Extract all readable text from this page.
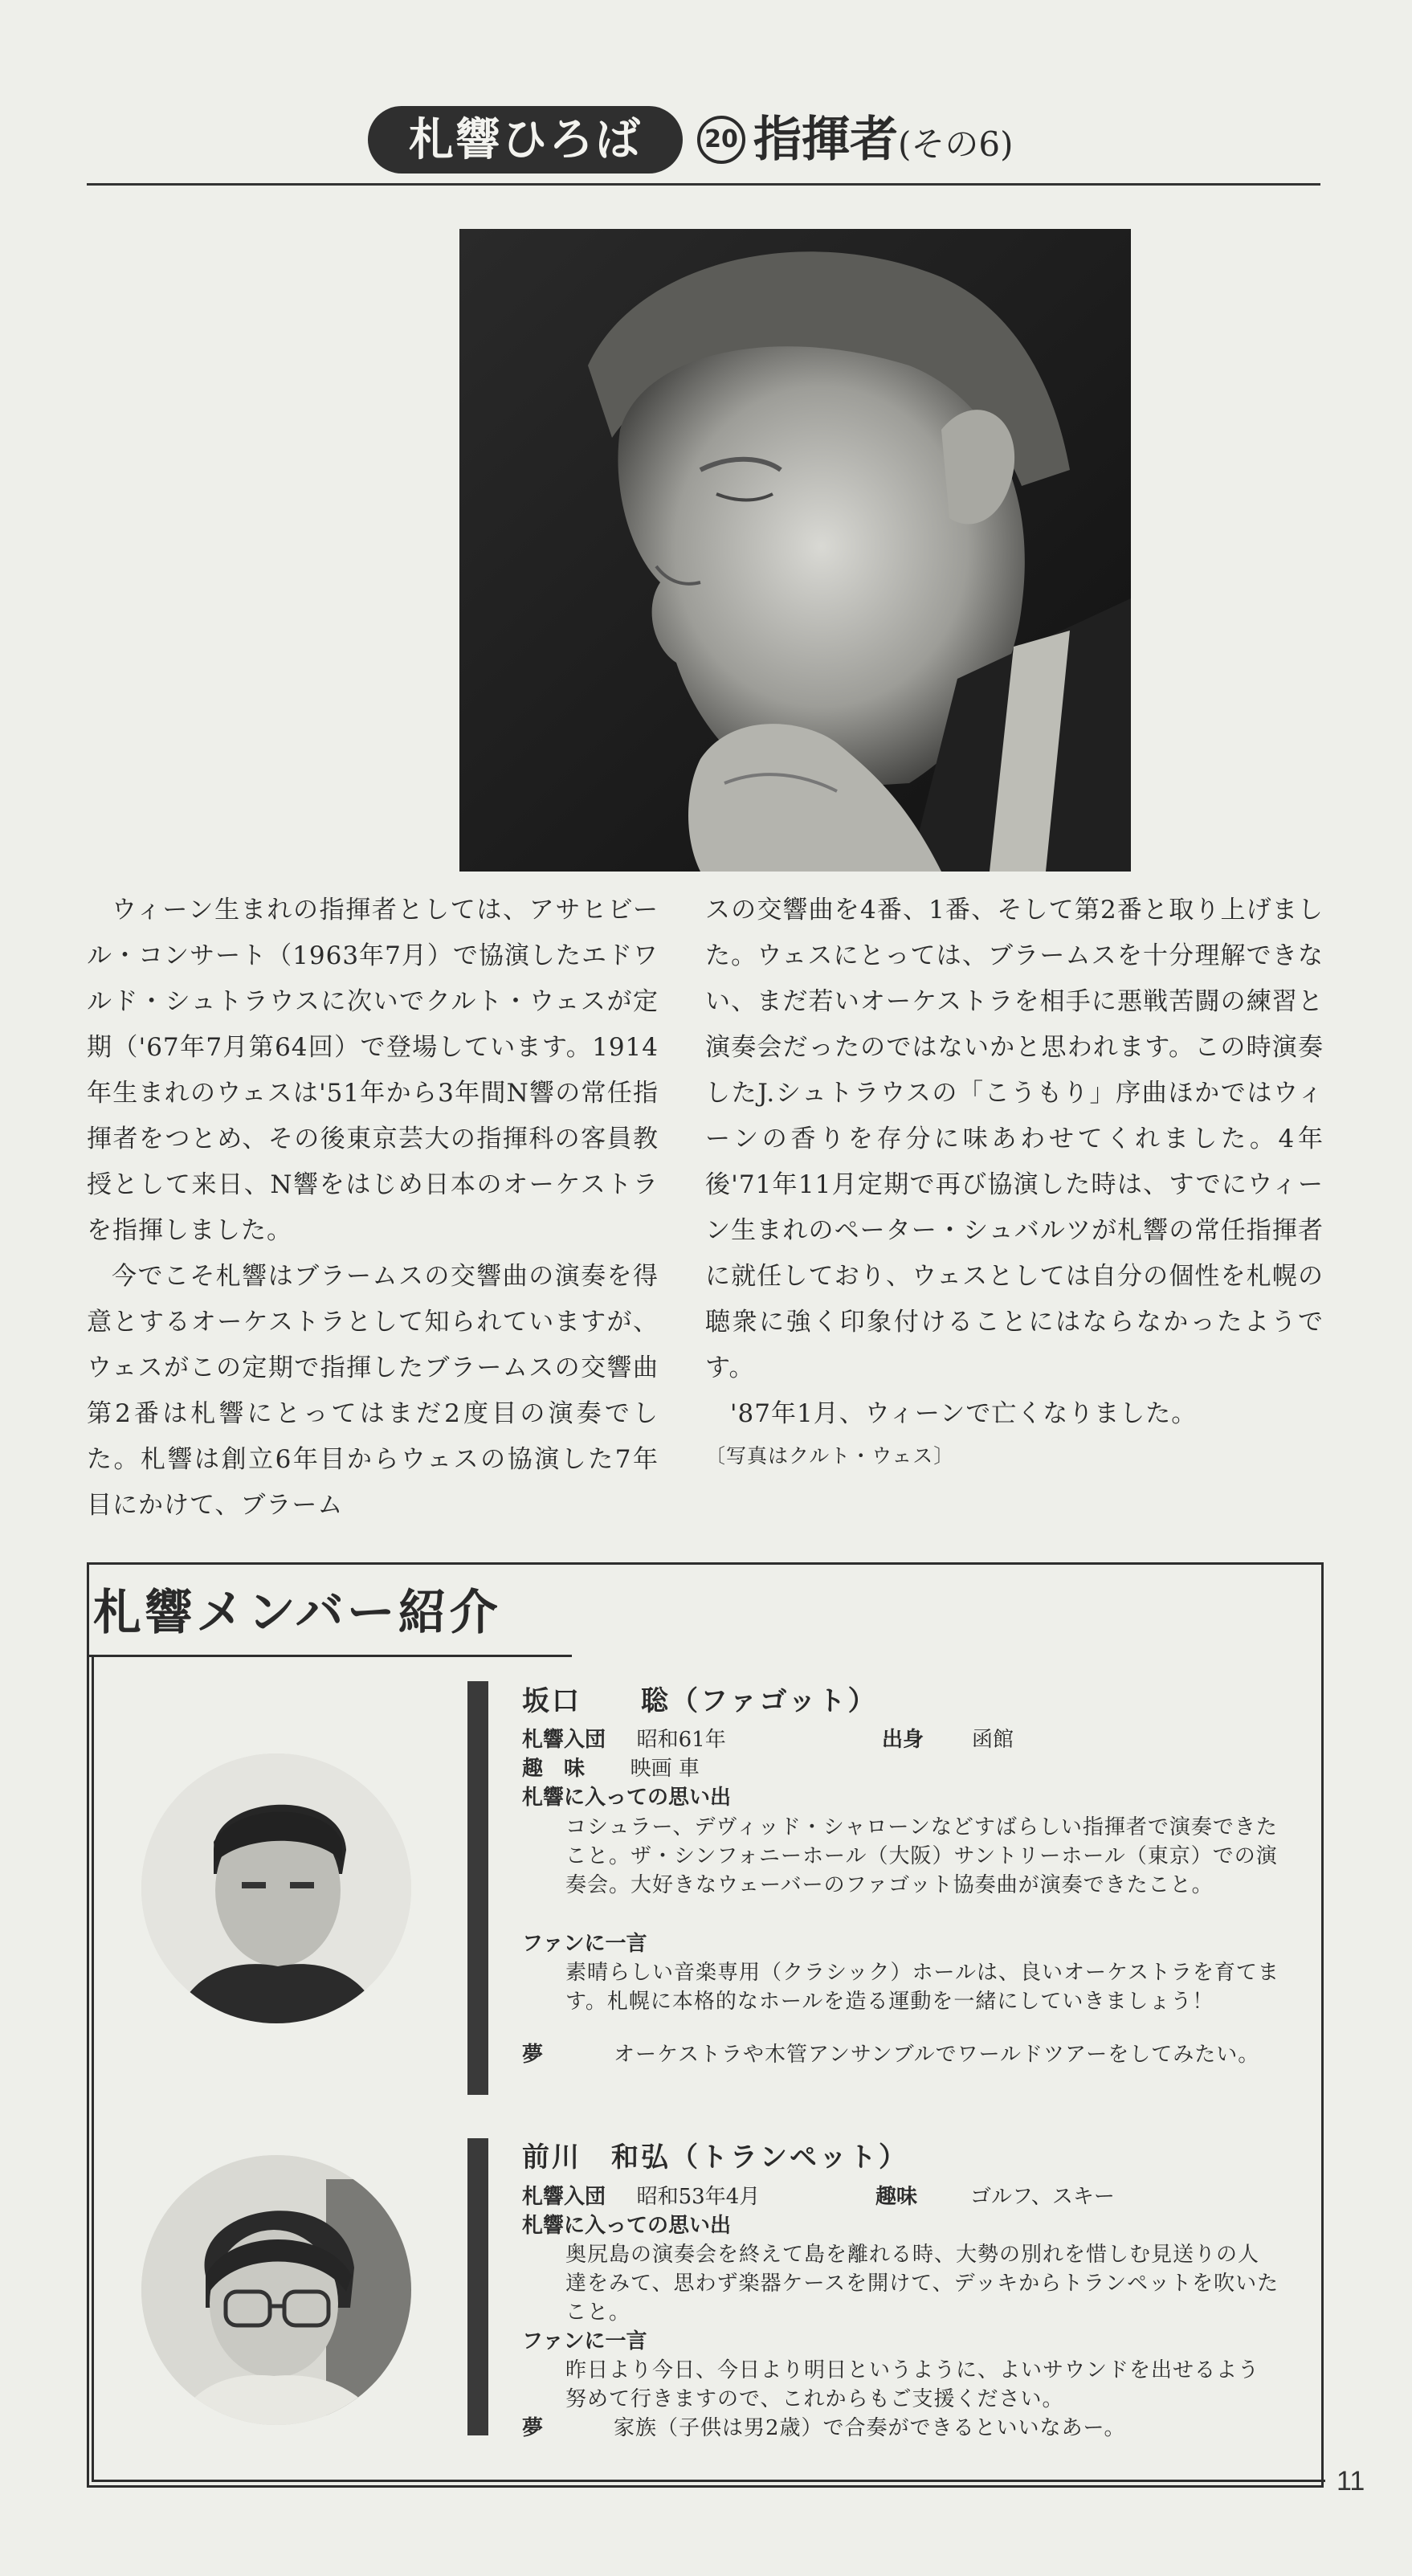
札響ひろば	20 指揮者(その6)

ウィーン生まれの指揮者としては、アサヒビール・コンサート（1963年7月）で協演したエドワルド・シュトラウスに次いでクルト・ウェスが定期（'67年7月第64回）で登場しています。1914年生まれのウェスは'51年から3年間N響の常任指揮者をつとめ、その後東京芸大の指揮科の客員教授として来日、N響をはじめ日本のオーケストラを指揮しました。

今でこそ札響はブラームスの交響曲の演奏を得意とするオーケストラとして知られていますが、ウェスがこの定期で指揮したブラームスの交響曲第2番は札響にとってはまだ2度目の演奏でした。札響は創立6年目からウェスの協演した7年目にかけて、ブラーム

スの交響曲を4番、1番、そして第2番と取り上げました。ウェスにとっては、ブラームスを十分理解できない、まだ若いオーケストラを相手に悪戦苦闘の練習と演奏会だったのではないかと思われます。この時演奏したJ.シュトラウスの「こうもり」序曲ほかではウィーンの香りを存分に味あわせてくれました。4年後'71年11月定期で再び協演した時は、すでにウィーン生まれのペーター・シュバルツが札響の常任指揮者に就任しており、ウェスとしては自分の個性を札幌の聴衆に強く印象付けることにはならなかったようです。

'87年1月、ウィーンで亡くなりました。

〔写真はクルト・ウェス〕

札響メンバー紹介
坂口　　聡（ファゴット）
札響入団 昭和61年	出身 函館
趣　味 映画 車
札響に入っての思い出
コシュラー、デヴィッド・シャローンなどすばらしい指揮者で演奏できたこと。ザ・シンフォニーホール（大阪）サントリーホール（東京）での演奏会。大好きなウェーバーのファゴット協奏曲が演奏できたこと。
ファンに一言
素晴らしい音楽専用（クラシック）ホールは、良いオーケストラを育てます。札幌に本格的なホールを造る運動を一緒にしていきましょう！
夢	オーケストラや木管アンサンブルでワールドツアーをしてみたい。
前川　和弘（トランペット）
札響入団 昭和53年4月	趣味	ゴルフ、スキー
札響に入っての思い出
奥尻島の演奏会を終えて島を離れる時、大勢の別れを惜しむ見送りの人達をみて、思わず楽器ケースを開けて、デッキからトランペットを吹いたこと。
ファンに一言
昨日より今日、今日より明日というように、よいサウンドを出せるよう努めて行きますので、これからもご支援ください。
夢	家族（子供は男2歳）で合奏ができるといいなあー。
11
